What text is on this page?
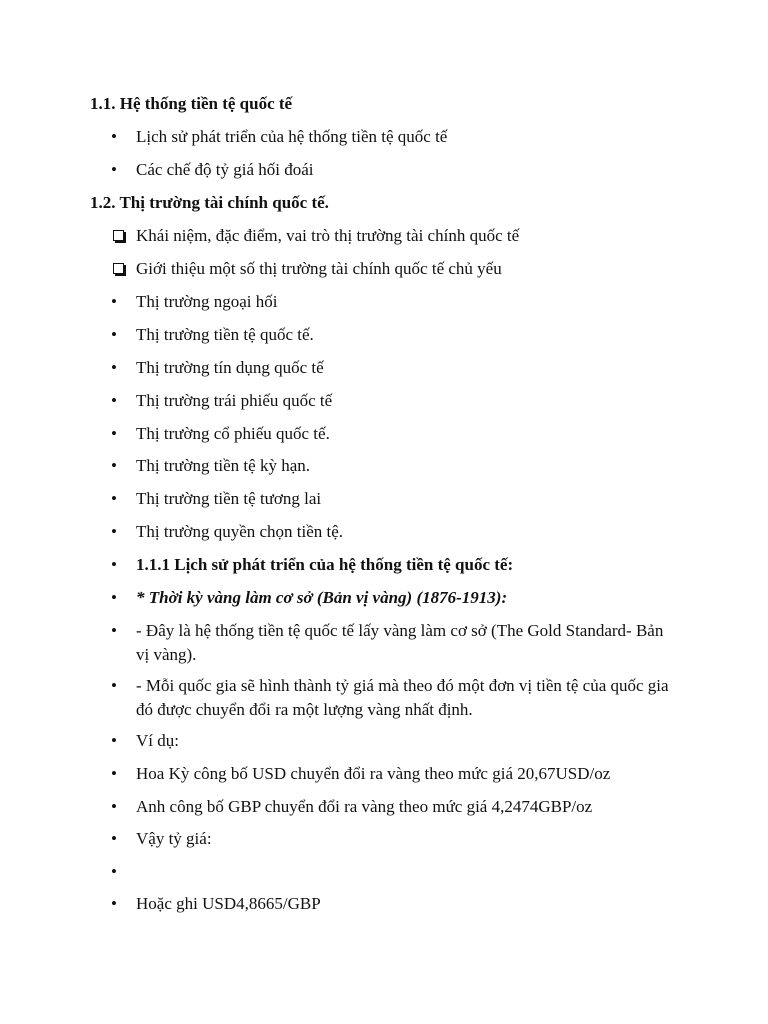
1.1. Hệ thống tiền tệ quốc tế
•	Lịch sử phát triển của hệ thống tiền tệ quốc tế
•	Các chế độ tỷ giá hối đoái
1.2. Thị trường tài chính quốc tế.
Khái niệm, đặc điểm, vai trò thị trường tài chính quốc tế
Giới thiệu một số thị trường tài chính quốc tế chủ yếu
•	Thị trường ngoại hối
•	Thị trường tiền tệ quốc tế.
•	Thị trường tín dụng quốc tế
•	Thị trường trái phiếu quốc tế
•	Thị trường cổ phiếu quốc tế.
•	Thị trường tiền tệ kỳ hạn.
•	Thị trường tiền tệ tương lai
•	Thị trường quyền chọn tiền tệ.
•	1.1.1 Lịch sử phát triển của hệ thống tiền tệ quốc tế:
•	* Thời kỳ vàng làm cơ sở (Bản vị vàng) (1876-1913):
•	- Đây là hệ thống tiền tệ quốc tế lấy vàng làm cơ sở (The Gold Standard- Bản vị vàng).
•	- Mỗi quốc gia sẽ hình thành tỷ giá mà theo đó một đơn vị tiền tệ của quốc gia đó được chuyển đổi ra một lượng vàng nhất định.
•	Ví dụ:
•	Hoa Kỳ công bố USD chuyển đổi ra vàng theo mức giá 20,67USD/oz
•	Anh công bố GBP chuyển đổi ra vàng theo mức giá 4,2474GBP/oz
•	Vậy tỷ giá:
•
•	Hoặc ghi USD4,8665/GBP
